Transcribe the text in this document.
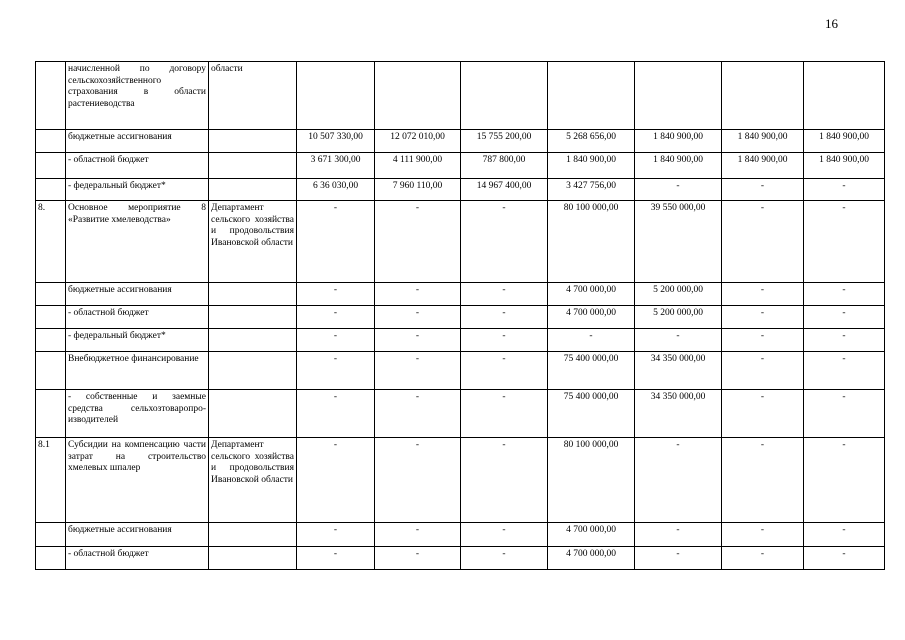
16
	начисленной по договору сельскохозяйственного страхования в области растениеводства	области							
	бюджетные ассигнования		10 507 330,00	12 072 010,00	15 755 200,00	5 268 656,00	1 840 900,00	1 840 900,00	1 840 900,00
	- областной бюджет		3 671 300,00	4 111 900,00	787 800,00	1 840 900,00	1 840 900,00	1 840 900,00	1 840 900,00
	- федеральный бюджет*		6 36 030,00	7 960 110,00	14 967 400,00	3 427 756,00	-	-	-
8.	Основное мероприятие 8 «Развитие хмелеводства»	Департамент сельского хозяйства и продовольствия Ивановской области	-	-	-	80 100 000,00	39 550 000,00	-	-
	бюджетные ассигнования		-	-	-	4 700 000,00	5 200 000,00	-	-
	- областной бюджет		-	-	-	4 700 000,00	5 200 000,00	-	-
	- федеральный бюджет*		-	-	-	-	-	-	-
	Внебюджетное финансирование		-	-	-	75 400 000,00	34 350 000,00	-	-
	- собственные и заемные средства сельхозтоваропро-изводителей		-	-	-	75 400 000,00	34 350 000,00	-	-
8.1	Субсидии на компенсацию части затрат на строительство хмелевых шпалер	Департамент сельского хозяйства и продовольствия Ивановской области	-	-	-	80 100 000,00	-	-	-
	бюджетные ассигнования		-	-	-	4 700 000,00	-	-	-
	- областной бюджет		-	-	-	4 700 000,00	-	-	-
